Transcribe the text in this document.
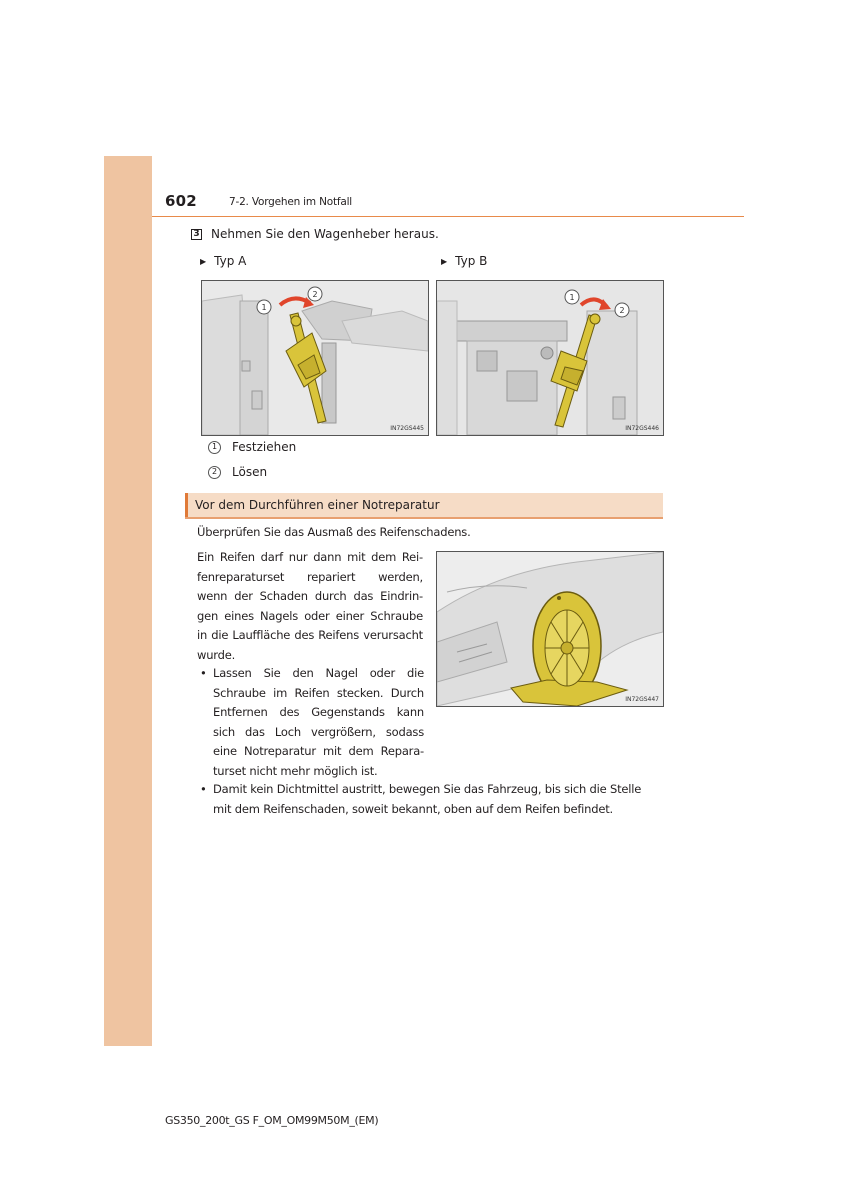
602	7-2. Vorgehen im Notfall
3 Nehmen Sie den Wagenheber heraus.
▶ Typ A	▶ Typ B
1
2
IN72GS445
1
2
IN72GS446
1	Festziehen
2	Lösen
Vor dem Durchführen einer Notreparatur
Überprüfen Sie das Ausmaß des Reifenschadens.
IN72GS447
Ein Reifen darf nur dann mit dem Rei-
fenreparaturset repariert werden,
wenn der Schaden durch das Eindrin-
gen eines Nagels oder einer Schraube
in die Lauffläche des Reifens verursacht
wurde.
• Lassen Sie den Nagel oder die
Schraube im Reifen stecken. Durch
Entfernen des Gegenstands kann
sich das Loch vergrößern, sodass
eine Notreparatur mit dem Repara-
turset nicht mehr möglich ist.
• Damit kein Dichtmittel austritt, bewegen Sie das Fahrzeug, bis sich die Stelle
mit dem Reifenschaden, soweit bekannt, oben auf dem Reifen befindet.
GS350_200t_GS F_OM_OM99M50M_(EM)
